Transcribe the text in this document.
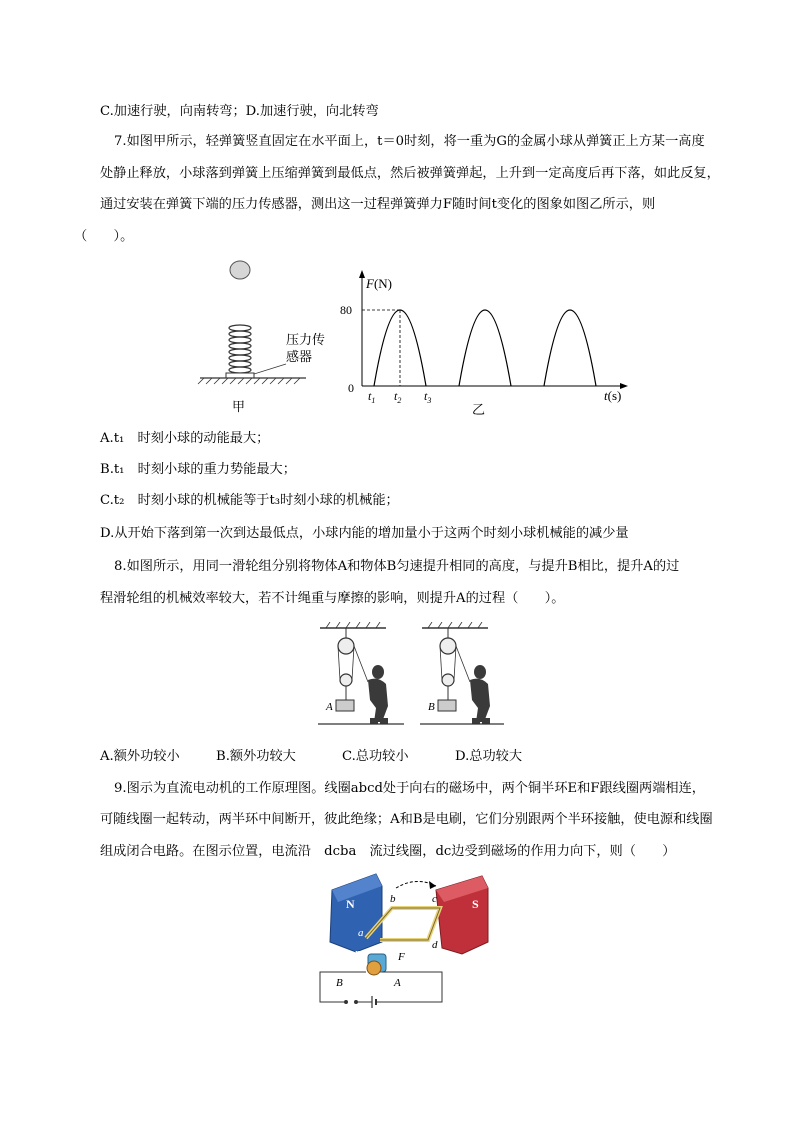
C.加速行驶，向南转弯；D.加速行驶，向北转弯
7.如图甲所示，轻弹簧竖直固定在水平面上，t＝0时刻，将一重为G的金属小球从弹簧正上方某一高度
处静止释放，小球落到弹簧上压缩弹簧到最低点，然后被弹簧弹起，上升到一定高度后再下落，如此反复，
通过安装在弹簧下端的压力传感器，测出这一过程弹簧弹力F随时间t变化的图象如图乙所示，则
（　　）。
压力传
感器
甲
F(N)
t(s)
80
0
$t_1$ $t_2$ $t_3$
乙
A.t₁　时刻小球的动能最大；
B.t₁　时刻小球的重力势能最大；
C.t₂　时刻小球的机械能等于t₃时刻小球的机械能；
D.从开始下落到第一次到达最低点，小球内能的增加量小于这两个时刻小球机械能的减少量
8.如图所示，用同一滑轮组分别将物体A和物体B匀速提升相同的高度，与提升B相比，提升A的过
程滑轮组的机械效率较大，若不计绳重与摩擦的影响，则提升A的过程（　　）。
A	B
A.额外功较小	B.额外功较大	C.总功较小	D.总功较大
9.图示为直流电动机的工作原理图。线圈abcd处于向右的磁场中，两个铜半环E和F跟线圈两端相连，
可随线圈一起转动，两半环中间断开，彼此绝缘；A和B是电刷，它们分别跟两个半环接触，使电源和线圈
组成闭合电路。在图示位置，电流沿　dcba　流过线圈，dc边受到磁场的作用力向下，则（　　）
N	S
a
b	c
d
E	F
B	A
